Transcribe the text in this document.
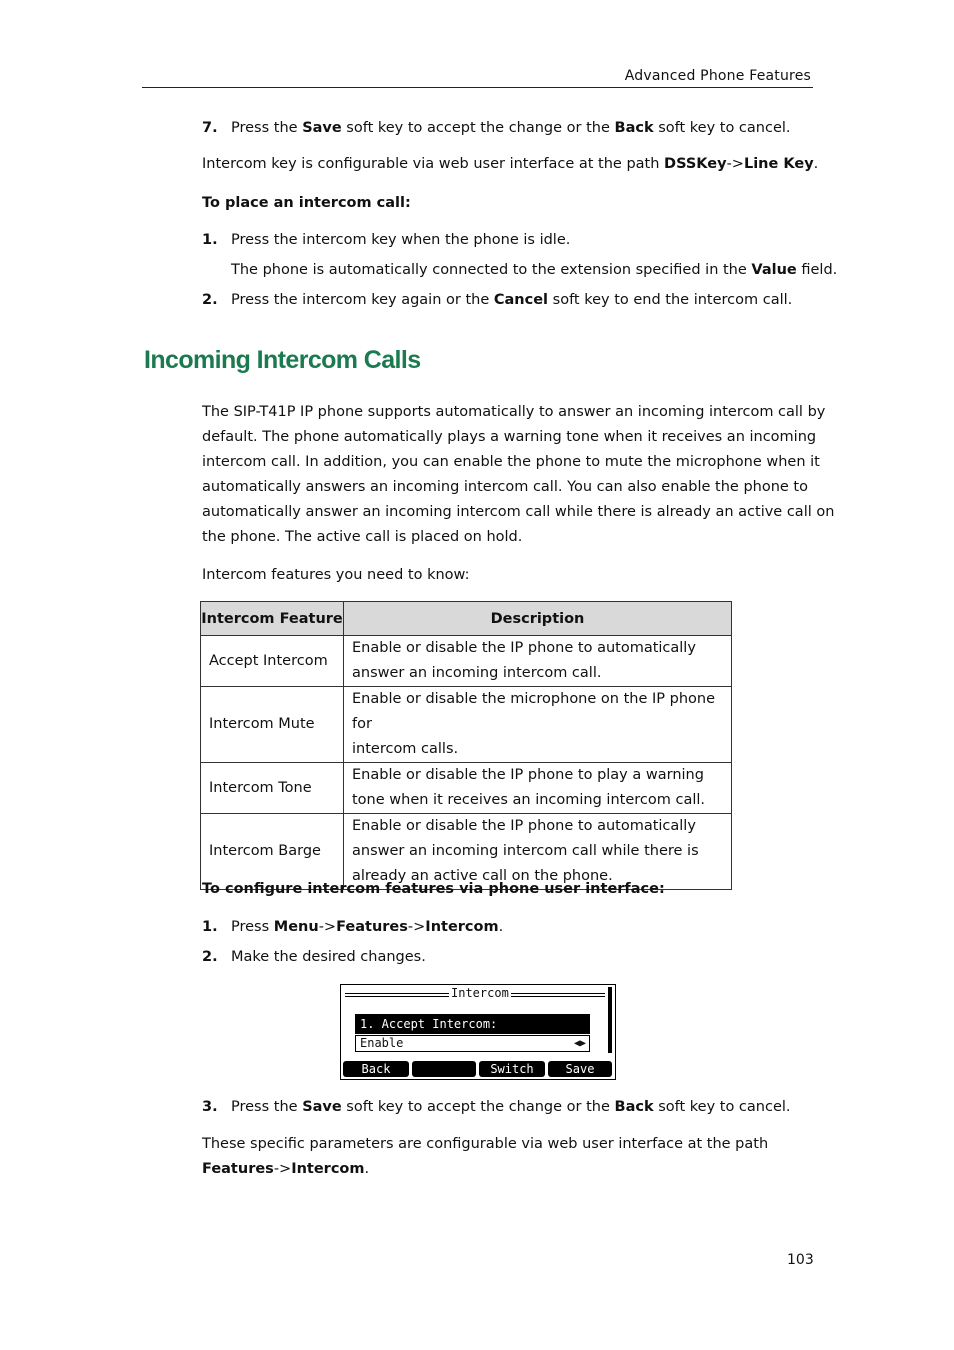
Advanced Phone Features
7. Press the Save soft key to accept the change or the Back soft key to cancel.
Intercom key is configurable via web user interface at the path DSSKey->Line Key.
To place an intercom call:
1. Press the intercom key when the phone is idle.
The phone is automatically connected to the extension specified in the Value field.
2. Press the intercom key again or the Cancel soft key to end the intercom call.
Incoming Intercom Calls
The SIP-T41P IP phone supports automatically to answer an incoming intercom call by
default. The phone automatically plays a warning tone when it receives an incoming
intercom call. In addition, you can enable the phone to mute the microphone when it
automatically answers an incoming intercom call. You can also enable the phone to
automatically answer an incoming intercom call while there is already an active call on
the phone. The active call is placed on hold.
Intercom features you need to know:
Intercom Feature	Description
Accept Intercom	Enable or disable the IP phone to automatically
answer an incoming intercom call.

Intercom Mute	Enable or disable the microphone on the IP phone for
intercom calls.

Intercom Tone	Enable or disable the IP phone to play a warning
tone when it receives an incoming intercom call.

Intercom Barge	Enable or disable the IP phone to automatically
answer an incoming intercom call while there is
already an active call on the phone.
To configure intercom features via phone user interface:
1. Press Menu->Features->Intercom.
2. Make the desired changes.
Intercom
1. Accept Intercom:
Enable	◀▶
Back	Switch	Save
3. Press the Save soft key to accept the change or the Back soft key to cancel.
These specific parameters are configurable via web user interface at the path
Features->Intercom.
103
